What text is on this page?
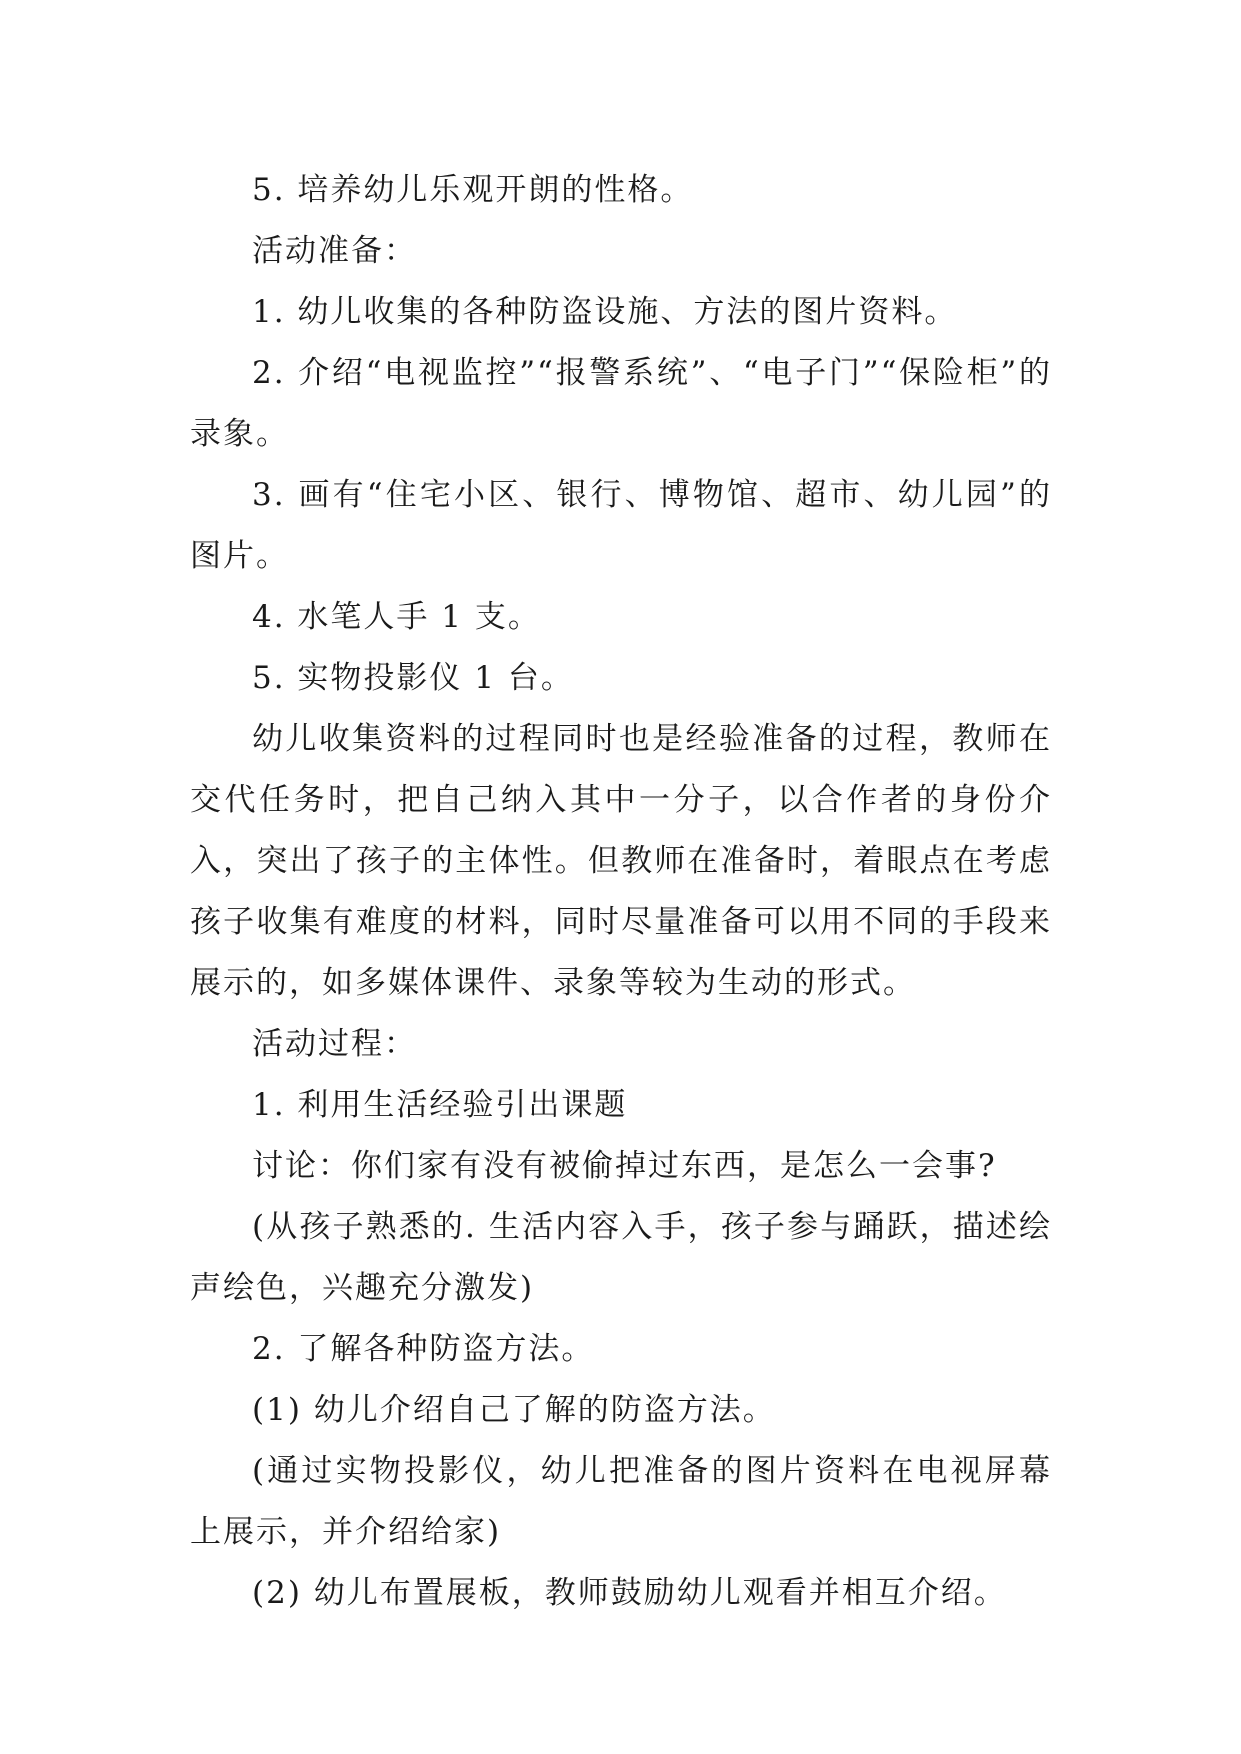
5. 培养幼儿乐观开朗的性格。

活动准备：

1. 幼儿收集的各种防盗设施、方法的图片资料。

2. 介绍“电视监控”“报警系统”、“电子门”“保险柜”的录象。

3. 画有“住宅小区、银行、博物馆、超市、幼儿园”的图片。

4. 水笔人手 1 支。

5. 实物投影仪 1 台。

幼儿收集资料的过程同时也是经验准备的过程，教师在交代任务时，把自己纳入其中一分子，以合作者的身份介入，突出了孩子的主体性。但教师在准备时，着眼点在考虑孩子收集有难度的材料，同时尽量准备可以用不同的手段来展示的，如多媒体课件、录象等较为生动的形式。

活动过程：

1. 利用生活经验引出课题

讨论：你们家有没有被偷掉过东西，是怎么一会事?

(从孩子熟悉的. 生活内容入手，孩子参与踊跃，描述绘声绘色，兴趣充分激发)

2. 了解各种防盗方法。

(1) 幼儿介绍自己了解的防盗方法。

(通过实物投影仪，幼儿把准备的图片资料在电视屏幕上展示，并介绍给家)

(2) 幼儿布置展板，教师鼓励幼儿观看并相互介绍。
